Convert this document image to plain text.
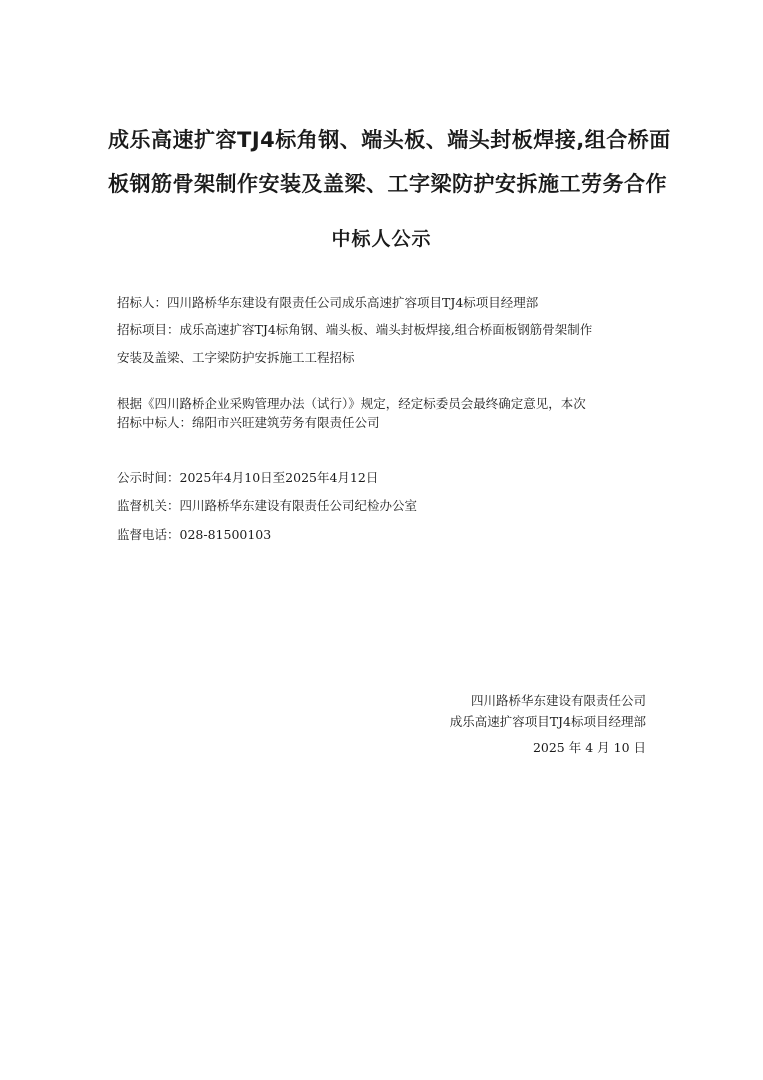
成乐高速扩容TJ4标角钢、端头板、端头封板焊接,组合桥面
板钢筋骨架制作安装及盖梁、工字梁防护安拆施工劳务合作
中标人公示
招标人：四川路桥华东建设有限责任公司成乐高速扩容项目TJ4标项目经理部
招标项目：成乐高速扩容TJ4标角钢、端头板、端头封板焊接,组合桥面板钢筋骨架制作
安装及盖梁、工字梁防护安拆施工工程招标
根据《四川路桥企业采购管理办法（试行）》规定，经定标委员会最终确定意见，本次
招标中标人：绵阳市兴旺建筑劳务有限责任公司
公示时间：2025年4月10日至2025年4月12日
监督机关：四川路桥华东建设有限责任公司纪检办公室
监督电话：028-81500103
四川路桥华东建设有限责任公司
成乐高速扩容项目TJ4标项目经理部
2025 年 4 月 10 日
